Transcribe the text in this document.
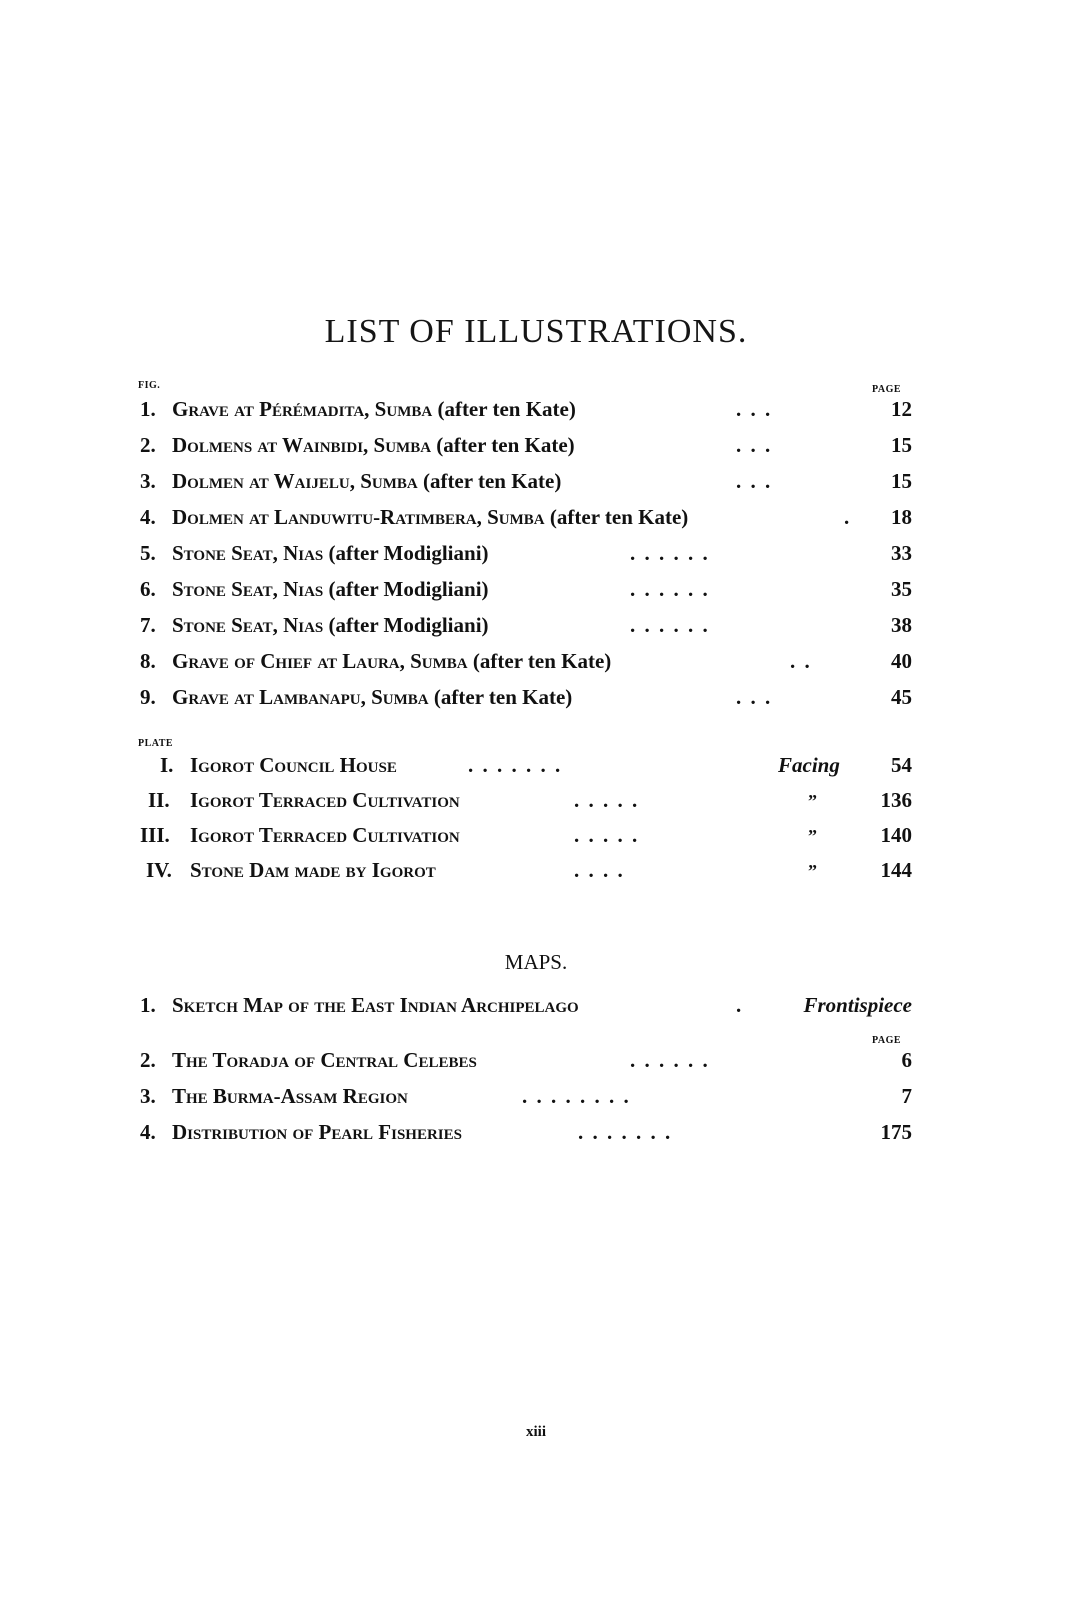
LIST OF ILLUSTRATIONS.
FIG.	PAGE
1. Grave at Pérémadita, Sumba (after ten Kate)	. . .	12
2. Dolmens at Wainbidi, Sumba (after ten Kate)	. . .	15
3. Dolmen at Waijelu, Sumba (after ten Kate)	. . .	15
4. Dolmen at Landuwitu-Ratimbera, Sumba (after ten Kate)	.	18
5. Stone Seat, Nias (after Modigliani)	. . . . . .	33
6. Stone Seat, Nias (after Modigliani)	. . . . . .	35
7. Stone Seat, Nias (after Modigliani)	. . . . . .	38
8. Grave of Chief at Laura, Sumba (after ten Kate)	. .	40
9. Grave at Lambanapu, Sumba (after ten Kate)	. . .	45
PLATE
I. Igorot Council House	. . . . . . .	Facing	54
II. Igorot Terraced Cultivation	. . . . .	”	136
III. Igorot Terraced Cultivation	. . . . .	”	140
IV. Stone Dam made by Igorot	. . . .	”	144
MAPS.
1. Sketch Map of the East Indian Archipelago	.	Frontispiece
PAGE
2. The Toradja of Central Celebes	. . . . . .	6
3. The Burma-Assam Region	. . . . . . . .	7
4. Distribution of Pearl Fisheries	. . . . . . .	175
xiii
